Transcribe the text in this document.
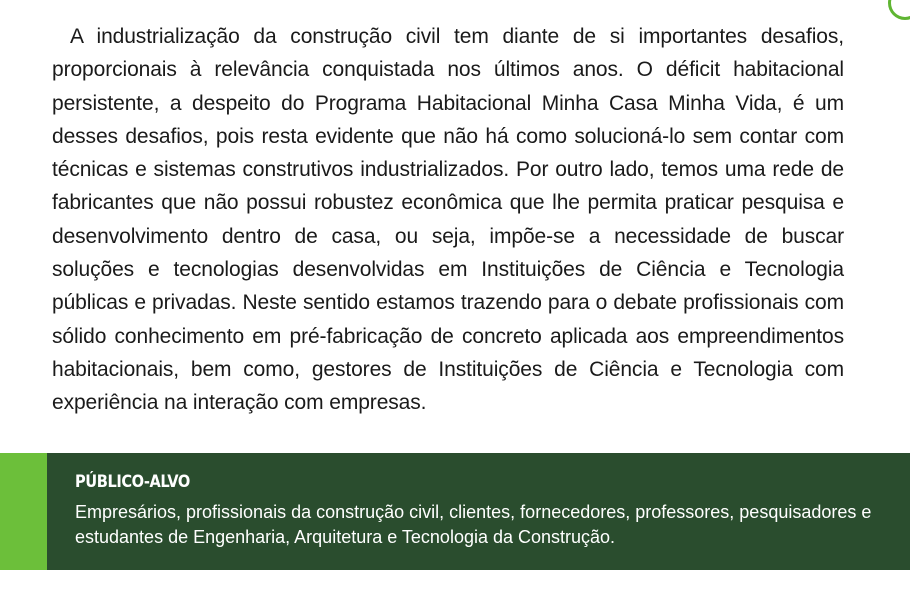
A industrialização da construção civil tem diante de si importantes desafios, proporcionais à relevância conquistada nos últimos anos. O déficit habitacional persistente, a despeito do Programa Habitacional Minha Casa Minha Vida, é um desses desafios, pois resta evidente que não há como solucioná-lo sem contar com técnicas e sistemas construtivos industrializados. Por outro lado, temos uma rede de fabricantes que não possui robustez econômica que lhe permita praticar pesquisa e desenvolvimento dentro de casa, ou seja, impõe-se a necessidade de buscar soluções e tecnologias desenvolvidas em Instituições de Ciência e Tecnologia públicas e privadas. Neste sentido estamos trazendo para o debate profissionais com sólido conhecimento em pré-fabricação de concreto aplicada aos empreendimentos habitacionais, bem como, gestores de Instituições de Ciência e Tecnologia com experiência na interação com empresas.

PÚBLICO-ALVO

Empresários, profissionais da construção civil, clientes, fornecedores, professores, pesquisadores e estudantes de Engenharia, Arquitetura e Tecnologia da Construção.
